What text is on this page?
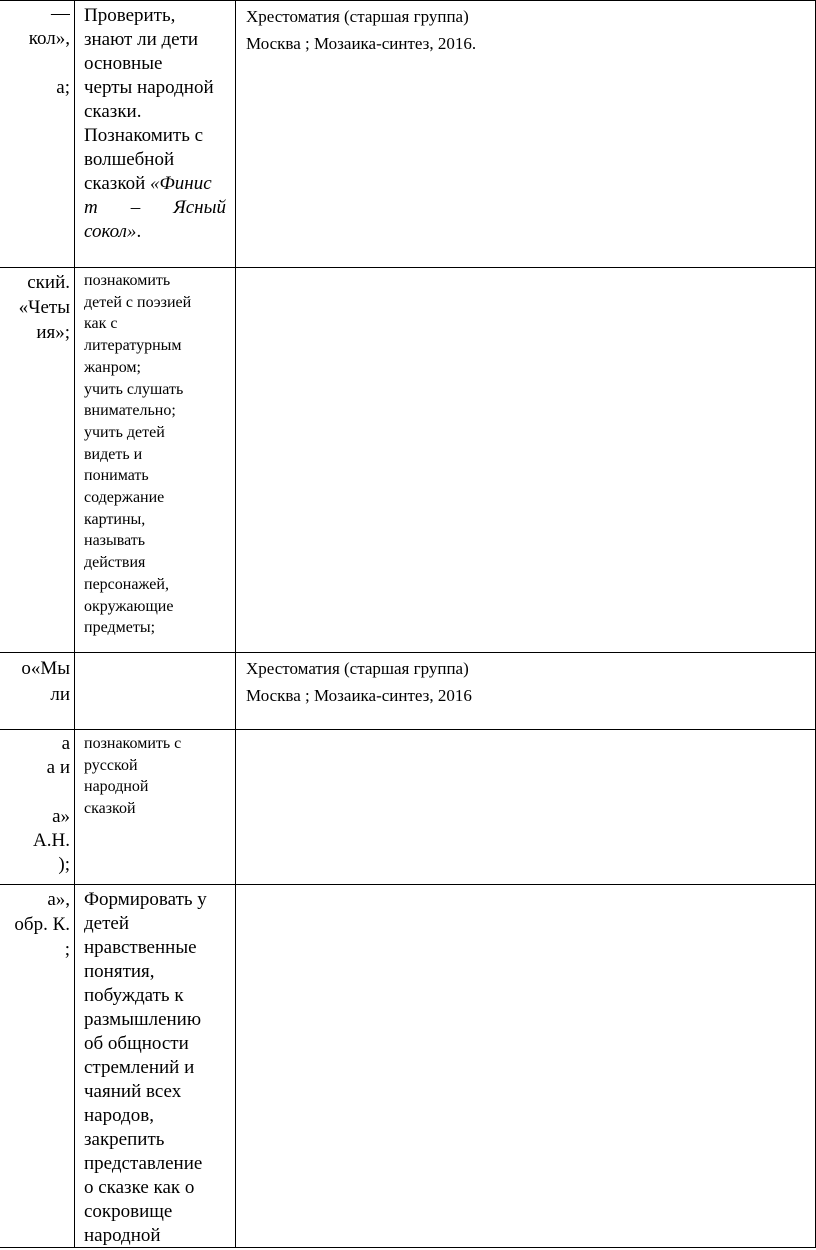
—

кол»,

а;

Проверить,

знают ли дети

основные

черты народной

сказки.

Познакомить с

волшебной

сказкой «Финис

т – Ясный

сокол».

Хрестоматия (старшая группа)

Москва ; Мозаика-синтез, 2016.

ский.

«Четы

ия»;

познакомить

детей с поэзией

как с

литературным

жанром;

учить слушать

внимательно;

учить детей

видеть и

понимать

содержание

картины,

называть

действия

персонажей,

окружающие

предметы;

о«Мы

ли

Хрестоматия (старшая группа)

Москва ; Мозаика-синтез, 2016

а

а и

а»

А.Н.

);

познакомить с

русской

народной

сказкой

а»,

обр. К.

;

Формировать у

детей

нравственные

понятия,

побуждать к

размышлению

об общности

стремлений и

чаяний всех

народов,

закрепить

представление

о сказке как о

сокровище

народной
